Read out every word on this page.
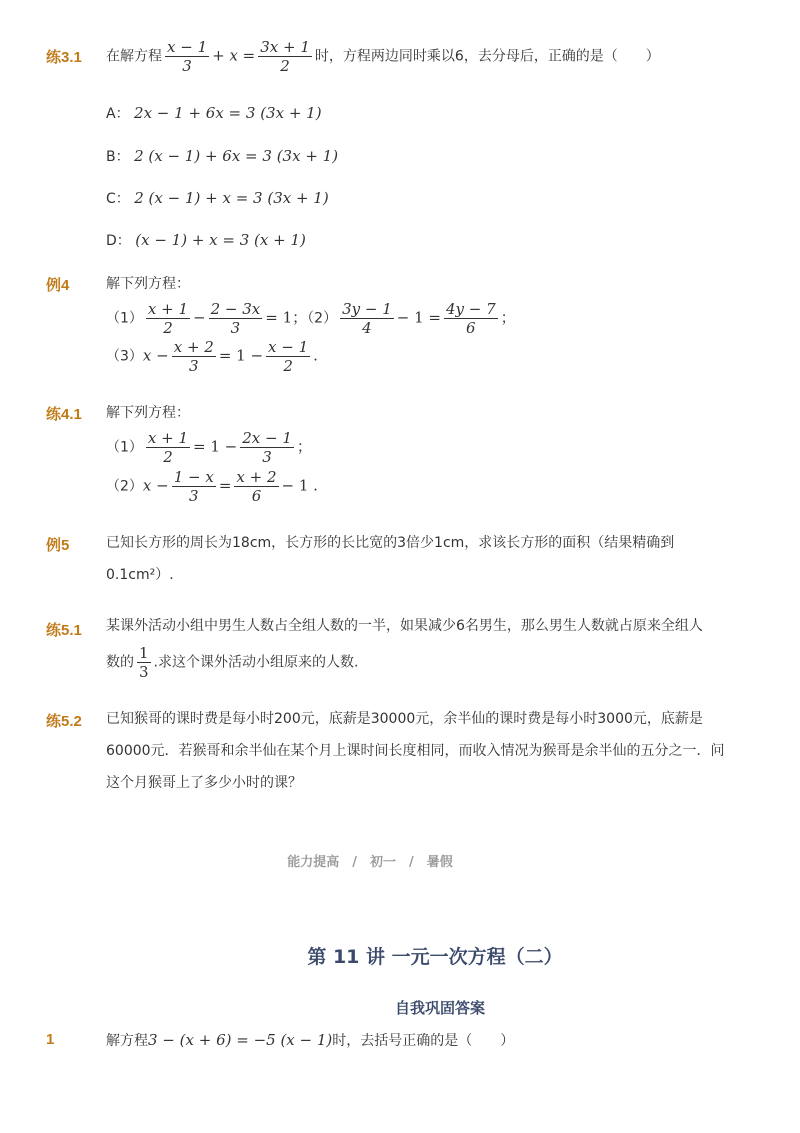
练3.1 在解方程 $\frac{x - 1}{3} + x = \frac{3x + 1}{2}$ 时，方程两边同时乘以6，去分母后，正确的是（　　）
A： 2x − 1 + 6x = 3 (3x + 1)
B： 2 (x − 1) + 6x = 3 (3x + 1)
C： 2 (x − 1) + x = 3 (3x + 1)
D： (x − 1) + x = 3 (x + 1)
例4	解下列方程：
$(1) \frac{x + 1}{2} - \frac{2 - 3x}{3} = 1$；$(2) \frac{3y - 1}{4} - 1 = \frac{4y - 7}{6}$ ；
$(3)x - \frac{x + 2}{3} = 1 - \frac{x - 1}{2}$ .
练4.1 解下列方程：
$(1) \frac{x + 1}{2} = 1 - \frac{2x - 1}{3}$ ；
$(2)x - \frac{1 - x}{3} = \frac{x + 2}{6} - 1$ .
例5	已知长方形的周长为18cm，长方形的长比宽的3倍少1cm，求该长方形的面积（结果精确到 0.1cm²）.
练5.1 某课外活动小组中男生人数占全组人数的一半，如果减少6名男生，那么男生人数就占原来全组人
数的 $\frac{1}{3}$ .求这个课外活动小组原来的人数.
练5.2 已知猴哥的课时费是每小时200元，底薪是30000元，余半仙的课时费是每小时3000元，底薪是60000元．若猴哥和余半仙在某个月上课时间长度相同，而收入情况为猴哥是余半仙的五分之一．问这个月猴哥上了多少小时的课？
能力提高　/　初一　/　暑假
第 11 讲 一元一次方程（二）
自我巩固答案
1	解方程3 − (x + 6) = −5 (x − 1)时，去括号正确的是（　　）
